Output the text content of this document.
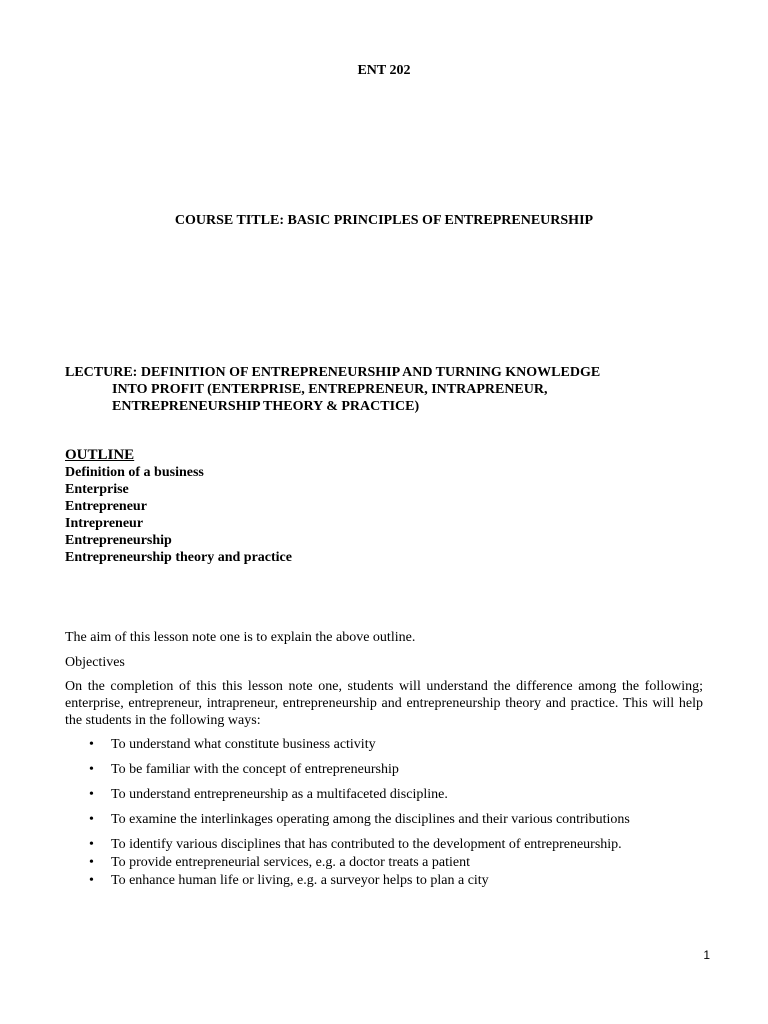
ENT 202
COURSE TITLE: BASIC PRINCIPLES OF ENTREPRENEURSHIP
LECTURE: DEFINITION OF ENTREPRENEURSHIP AND TURNING KNOWLEDGE
INTO PROFIT (ENTERPRISE, ENTREPRENEUR, INTRAPRENEUR,
ENTREPRENEURSHIP THEORY & PRACTICE)
OUTLINE
Definition of a business
Enterprise
Entrepreneur
Intrepreneur
Entrepreneurship
Entrepreneurship theory and practice
The aim of this lesson note one is to explain the above outline.
Objectives
On the completion of this this lesson note one, students will understand the difference among the following; enterprise, entrepreneur, intrapreneur, entrepreneurship and entrepreneurship theory and practice. This will help the students in the following ways:
• To understand what constitute business activity
• To be familiar with the concept of entrepreneurship
• To understand entrepreneurship as a multifaceted discipline.
• To examine the interlinkages operating among the disciplines and their various contributions
• To identify various disciplines that has contributed to the development of entrepreneurship.
• To provide entrepreneurial services, e.g. a doctor treats a patient
• To enhance human life or living, e.g. a surveyor helps to plan a city
1
